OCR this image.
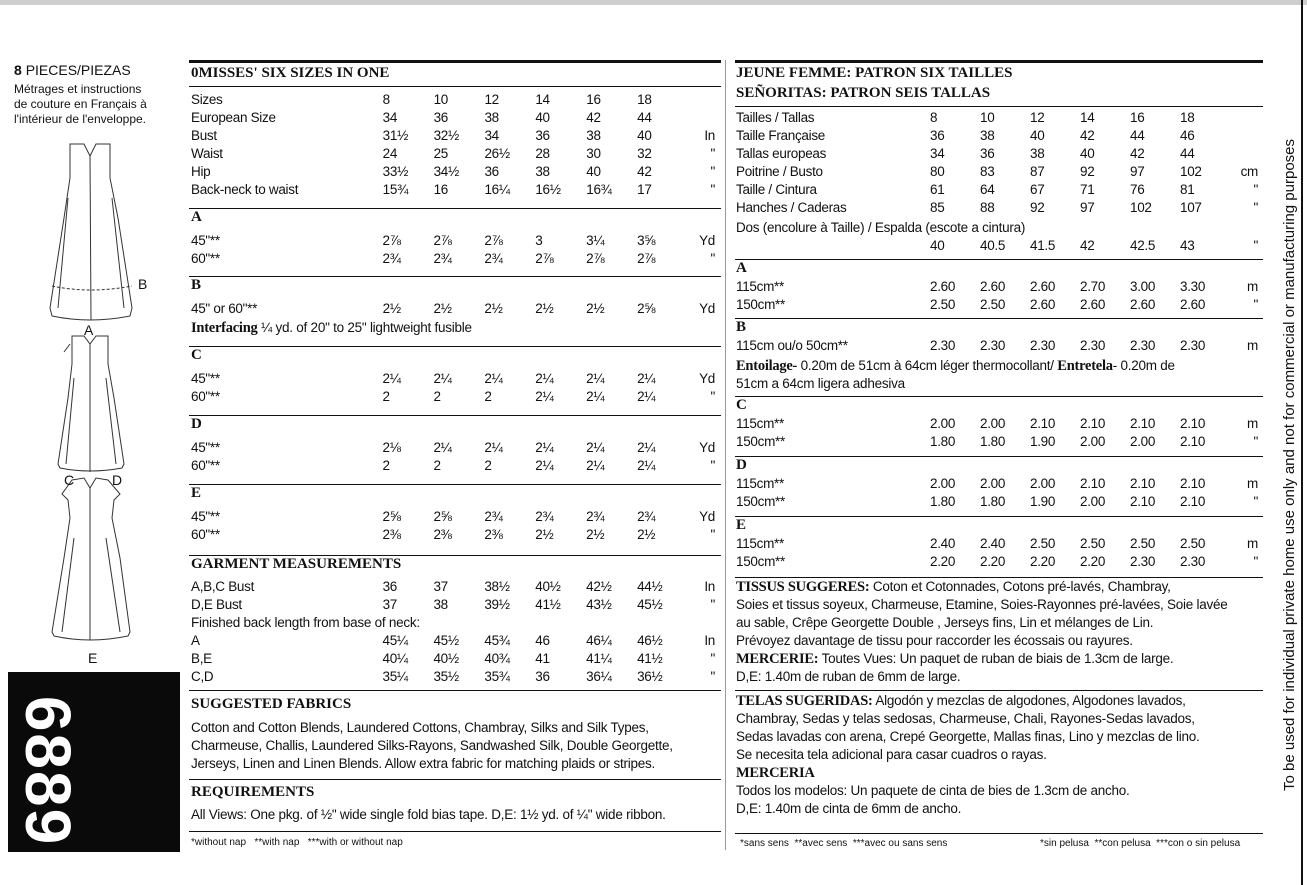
8 PIECES/PIEZAS
Métrages et instructions
de couture en Français à
l'intérieur de l'enveloppe.
B
A
C	D
E
6889
0MISSES' SIX SIZES IN ONE
Sizes	8	10	12	14	16	18	
European Size	34	36	38	40	42	44	
Bust	31½	32½	34	36	38	40	In
Waist	24	25	26½	28	30	32	"
Hip	33½	34½	36	38	40	42	"
Back-neck to waist	15¾	16	16¼	16½	16¾	17	"
A
45"**	2⅞	2⅞	2⅞	3	3¼	3⅝	Yd
60"**	2¾	2¾	2¾	2⅞	2⅞	2⅞	"
B
45" or 60"**	2½	2½	2½	2½	2½	2⅝	Yd
Interfacing ¼ yd. of 20" to 25" lightweight fusible
C
45"**	2¼	2¼	2¼	2¼	2¼	2¼	Yd
60"**	2	2	2	2¼	2¼	2¼	"
D
45"**	2⅛	2¼	2¼	2¼	2¼	2¼	Yd
60"**	2	2	2	2¼	2¼	2¼	"
E
45"**	2⅝	2⅝	2¾	2¾	2¾	2¾	Yd
60"**	2⅜	2⅜	2⅜	2½	2½	2½	"
GARMENT MEASUREMENTS
A,B,C Bust	36	37	38½	40½	42½	44½	In
D,E Bust	37	38	39½	41½	43½	45½	"
Finished back length from base of neck:
A	45¼	45½	45¾	46	46¼	46½	In
B,E	40¼	40½	40¾	41	41¼	41½	"
C,D	35¼	35½	35¾	36	36¼	36½	"
SUGGESTED FABRICS
Cotton and Cotton Blends, Laundered Cottons, Chambray, Silks and Silk Types,
Charmeuse, Challis, Laundered Silks-Rayons, Sandwashed Silk, Double Georgette,
Jerseys, Linen and Linen Blends. Allow extra fabric for matching plaids or stripes.
REQUIREMENTS
All Views: One pkg. of ½" wide single fold bias tape. D,E: 1½ yd. of ¼" wide ribbon.
*without nap   **with nap   ***with or without nap
JEUNE FEMME: PATRON SIX TAILLES
SEÑORITAS: PATRON SEIS TALLAS
Tailles / Tallas	8	10	12	14	16	18	
Taille Française	36	38	40	42	44	46	
Tallas europeas	34	36	38	40	42	44	
Poitrine / Busto	80	83	87	92	97	102	cm
Taille / Cintura	61	64	67	71	76	81	"
Hanches / Caderas	85	88	92	97	102	107	"
Dos (encolure à Taille) / Espalda (escote a cintura)
	40	40.5	41.5	42	42.5	43	"
A
115cm**	2.60	2.60	2.60	2.70	3.00	3.30	m
150cm**	2.50	2.50	2.60	2.60	2.60	2.60	"
B
115cm ou/o 50cm**	2.30	2.30	2.30	2.30	2.30	2.30	m
C
115cm**	2.00	2.00	2.10	2.10	2.10	2.10	m
150cm**	1.80	1.80	1.90	2.00	2.00	2.10	"
D
115cm**	2.00	2.00	2.00	2.10	2.10	2.10	m
150cm**	1.80	1.80	1.90	2.00	2.10	2.10	"
E
115cm**	2.40	2.40	2.50	2.50	2.50	2.50	m
150cm**	2.20	2.20	2.20	2.20	2.30	2.30	"
Entoilage- 0.20m de 51cm à 64cm léger thermocollant/ Entretela- 0.20m de
51cm a 64cm ligera adhesiva
TISSUS SUGGERES: Coton et Cotonnades, Cotons pré-lavés, Chambray,
Soies et tissus soyeux, Charmeuse, Etamine, Soies-Rayonnes pré-lavées, Soie lavée
au sable, Crêpe Georgette Double , Jerseys fins, Lin et mélanges de Lin.
Prévoyez davantage de tissu pour raccorder les écossais ou rayures.
MERCERIE: Toutes Vues: Un paquet de ruban de biais de 1.3cm de large.
D,E: 1.40m de ruban de 6mm de large.
TELAS SUGERIDAS: Algodón y mezclas de algodones, Algodones lavados,
Chambray, Sedas y telas sedosas, Charmeuse, Chali, Rayones-Sedas lavados,
Sedas lavadas con arena, Crepé Georgette, Mallas finas, Lino y mezclas de lino.
Se necesita tela adicional para casar cuadros o rayas.
MERCERIA
Todos los modelos: Un paquete de cinta de bies de 1.3cm de ancho.
D,E: 1.40m de cinta de 6mm de ancho.
*sans sens  **avec sens  ***avec ou sans sens	*sin pelusa  **con pelusa  ***con o sin pelusa
To be used for individual private home use only and not for commercial or manufacturing purposes
